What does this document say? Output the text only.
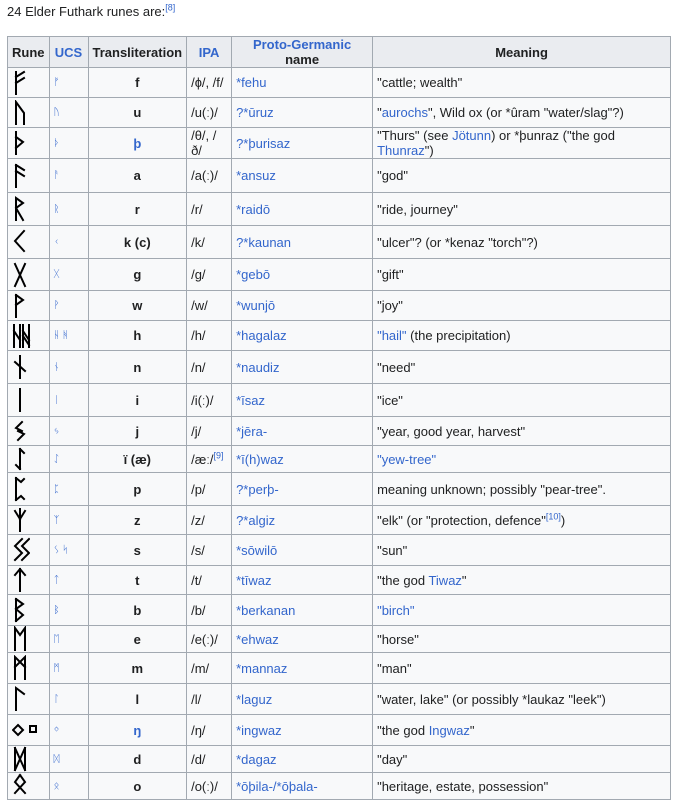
24 Elder Futhark runes are:[8]
Rune	UCS	Transliteration	IPA	Proto-Germanic name	Meaning

	ᚠ	f	/ɸ/, /f/	*fehu	"cattle; wealth"

	ᚢ	u	/u(ː)/	?*ūruz	"aurochs", Wild ox (or *ûram "water/slag"?)

	ᚦ	þ	/θ/, /ð/	?*þurisaz	"Thurs" (see Jötunn) or *þunraz ("the god Thunraz")

	ᚨ	a	/a(ː)/	*ansuz	"god"

	ᚱ	r	/r/	*raidō	"ride, journey"

	ᚲ	k (c)	/k/	?*kaunan	"ulcer"? (or *kenaz "torch"?)

	ᚷ	g	/g/	*gebō	"gift"

	ᚹ	w	/w/	*wunjō	"joy"

	ᚺ ᚻ	h	/h/	*hagalaz	"hail" (the precipitation)

	ᚾ	n	/n/	*naudiz	"need"

	ᛁ	i	/i(ː)/	*īsaz	"ice"

	ᛃ	j	/j/	*jēra-	"year, good year, harvest"

	ᛇ	ï (æ)	/æː/[9]	*ī(h)waz	"yew-tree"

	ᛈ	p	/p/	?*perþ-	meaning unknown; possibly "pear-tree".

	ᛉ	z	/z/	?*algiz	"elk" (or "protection, defence"[10])

	ᛊ ᛋ	s	/s/	*sōwilō	"sun"

	ᛏ	t	/t/	*tīwaz	"the god Tiwaz"

	ᛒ	b	/b/	*berkanan	"birch"

	ᛖ	e	/e(ː)/	*ehwaz	"horse"

	ᛗ	m	/m/	*mannaz	"man"

	ᛚ	l	/l/	*laguz	"water, lake" (or possibly *laukaz "leek")

	ᛜ	ŋ	/ŋ/	*ingwaz	"the god Ingwaz"

	ᛞ	d	/d/	*dagaz	"day"

	ᛟ	o	/o(ː)/	*ōþila-/*ōþala-	"heritage, estate, possession"
